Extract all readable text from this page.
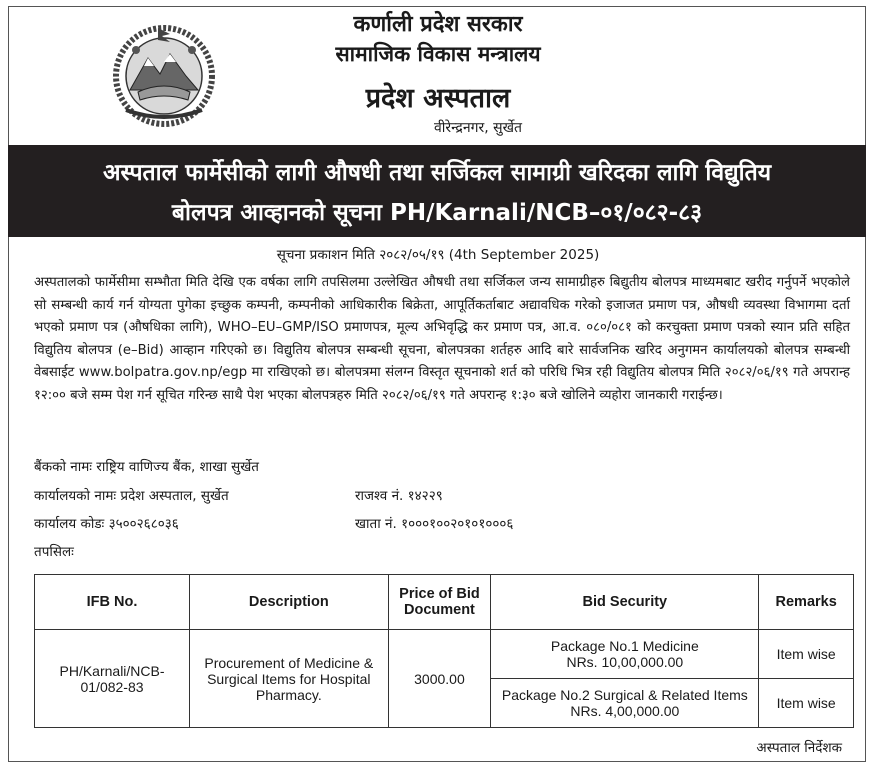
कर्णाली प्रदेश सरकार
सामाजिक विकास मन्त्रालय
प्रदेश अस्पताल
वीरेन्द्रनगर, सुर्खेत
अस्पताल फार्मेसीको लागी औषधी तथा सर्जिकल सामाग्री खरिदका लागि विद्युतिय
बोलपत्र आव्हानको सूचना PH/Karnali/NCB–०१/०८२-८३
सूचना प्रकाशन मिति २०८२/०५/१९ (4th September 2025)
अस्पतालको फार्मेसीमा सम्भौता मिति देखि एक वर्षका लागि तपसिलमा उल्लेखित औषधी तथा सर्जिकल जन्य सामाग्रीहरु बिद्युतीय बोलपत्र माध्यमबाट खरीद गर्नुपर्ने भएकोले सो सम्बन्धी कार्य गर्न योग्यता पुगेका इच्छुक कम्पनी, कम्पनीको आधिकारीक बिक्रेता, आपूर्तिकर्ताबाट अद्यावधिक गरेको इजाजत प्रमाण पत्र, औषधी व्यवस्था विभागमा दर्ता भएको प्रमाण पत्र (औषधिका लागि), WHO–EU–GMP/ISO प्रमाणपत्र, मूल्य अभिवृद्धि कर प्रमाण पत्र, आ.व. ०८०/०८१ को करचुक्ता प्रमाण पत्रको स्यान प्रति सहित विद्युतिय बोलपत्र (e–Bid) आव्हान गरिएको छ। विद्युतिय बोलपत्र सम्बन्धी सूचना, बोलपत्रका शर्तहरु आदि बारे सार्वजनिक खरिद अनुगमन कार्यालयको बोलपत्र सम्बन्धी वेबसाईट www.bolpatra.gov.np/egp मा राखिएको छ। बोलपत्रमा संलग्न विस्तृत सूचनाको शर्त को परिधि भित्र रही विद्युतिय बोलपत्र मिति २०८२/०६/१९ गते अपरान्ह १२:०० बजे सम्म पेश गर्न सूचित गरिन्छ साथै पेश भएका बोलपत्रहरु मिति २०८२/०६/१९ गते अपरान्ह १:३० बजे खोलिने व्यहोरा जानकारी गराईन्छ।
बैंकको नामः राष्ट्रिय वाणिज्य बैंक, शाखा सुर्खेत
कार्यालयको नामः प्रदेश अस्पताल, सुर्खेत	राजश्व नं. १४२२९
कार्यालय कोडः ३५००२६८०३६	खाता नं. १०००१००२०१०१०००६
तपसिलः
IFB No.	Description	Price of Bid Document	Bid Security	Remarks
PH/Karnali/NCB-01/082-83	Procurement of Medicine & Surgical Items for Hospital Pharmacy.	3000.00	Package No.1 Medicine
NRs. 10,00,000.00	Item wise

			Package No.2 Surgical & Related Items
NRs. 4,00,000.00	Item wise
अस्पताल निर्देशक
